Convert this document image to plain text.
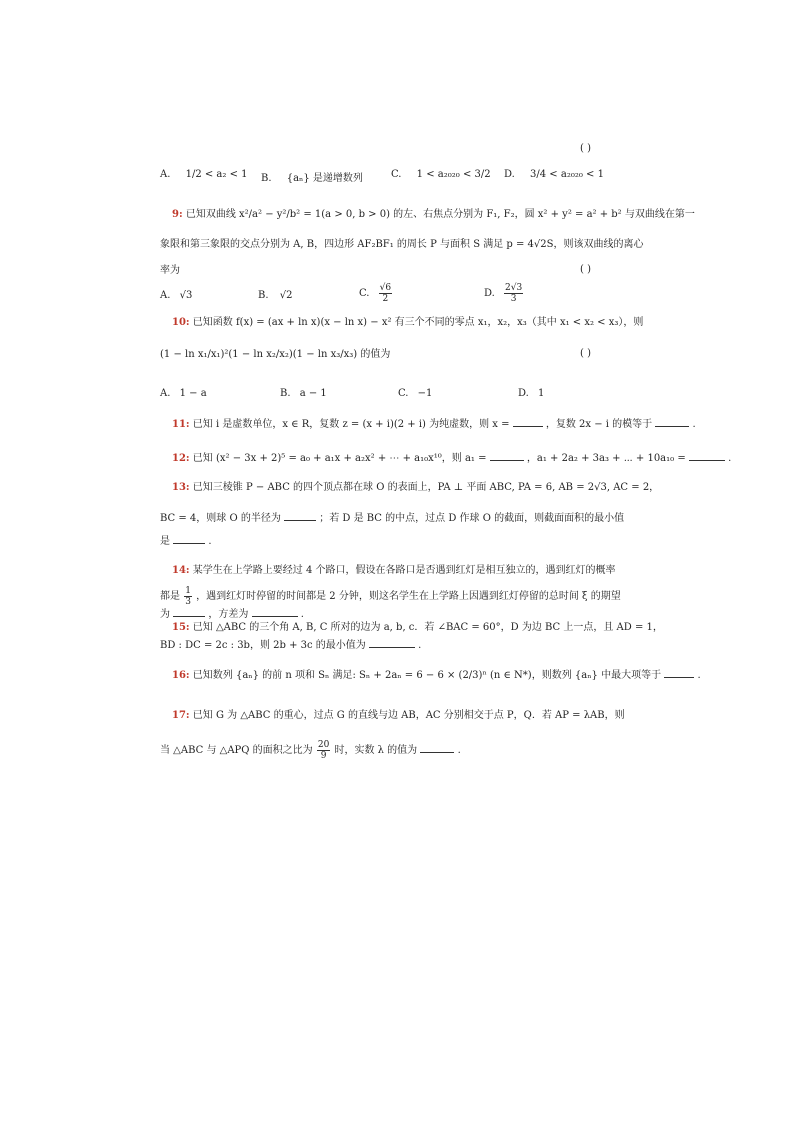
( )
A. 1/2 < a₂ < 1 B. {aₙ} 是递增数列	C. 1 < a₂₀₂₀ < 3/2 D. 3/4 < a₂₀₂₀ < 1
9: 已知双曲线 x²/a² − y²/b² = 1(a > 0, b > 0) 的左、右焦点分别为 F₁, F₂，圆 x² + y² = a² + b² 与双曲线在第一
象限和第三象限的交点分别为 A, B，四边形 AF₂BF₁ 的周长 P 与面积 S 满足 p = 4√2S，则该双曲线的离心
率为	( )
A. √3	B. √2	C. $\frac{√6}{2}$	D. $\frac{2√3}{3}$
10: 已知函数 f(x) = (ax + ln x)(x − ln x) − x² 有三个不同的零点 x₁，x₂，x₃（其中 x₁ < x₂ < x₃），则
(1 − ln x₁/x₁)²(1 − ln x₂/x₂)(1 − ln x₃/x₃) 的值为	( )
A. 1 − a	B. a − 1	C. −1	D. 1
11: 已知 i 是虚数单位，x ∈ R，复数 z = (x + i)(2 + i) 为纯虚数，则 x =	，复数 2x − i 的模等于	.
12: 已知 (x² − 3x + 2)⁵ = a₀ + a₁x + a₂x² + ⋯ + a₁₀x¹⁰，则 a₁ =	，a₁ + 2a₂ + 3a₃ + ⋯ + 10a₁₀ =	.
13: 已知三棱锥 P − ABC 的四个顶点都在球 O 的表面上，PA ⊥ 平面 ABC, PA = 6, AB = 2√3, AC = 2，
BC = 4，则球 O 的半径为	；若 D 是 BC 的中点，过点 D 作球 O 的截面，则截面面积的最小值
是	.
14: 某学生在上学路上要经过 4 个路口，假设在各路口是否遇到红灯是相互独立的，遇到红灯的概率
都是 $\frac{1}{3}$ ，遇到红灯时停留的时间都是 2 分钟，则这名学生在上学路上因遇到红灯停留的总时间 ξ 的期望
为	，方差为	.
15: 已知 △ABC 的三个角 A, B, C 所对的边为 a, b, c．若 ∠BAC = 60°，D 为边 BC 上一点，且 AD = 1，
BD : DC = 2c : 3b，则 2b + 3c 的最小值为	.
16: 已知数列 {aₙ} 的前 n 项和 Sₙ 满足: Sₙ + 2aₙ = 6 − 6 × (2/3)ⁿ (n ∈ N*)，则数列 {aₙ} 中最大项等于	.
17: 已知 G 为 △ABC 的重心，过点 G 的直线与边 AB，AC 分别相交于点 P，Q．若 AP = λAB，则
当 △ABC 与 △APQ 的面积之比为 $\frac{20}{9}$ 时，实数 λ 的值为	.
